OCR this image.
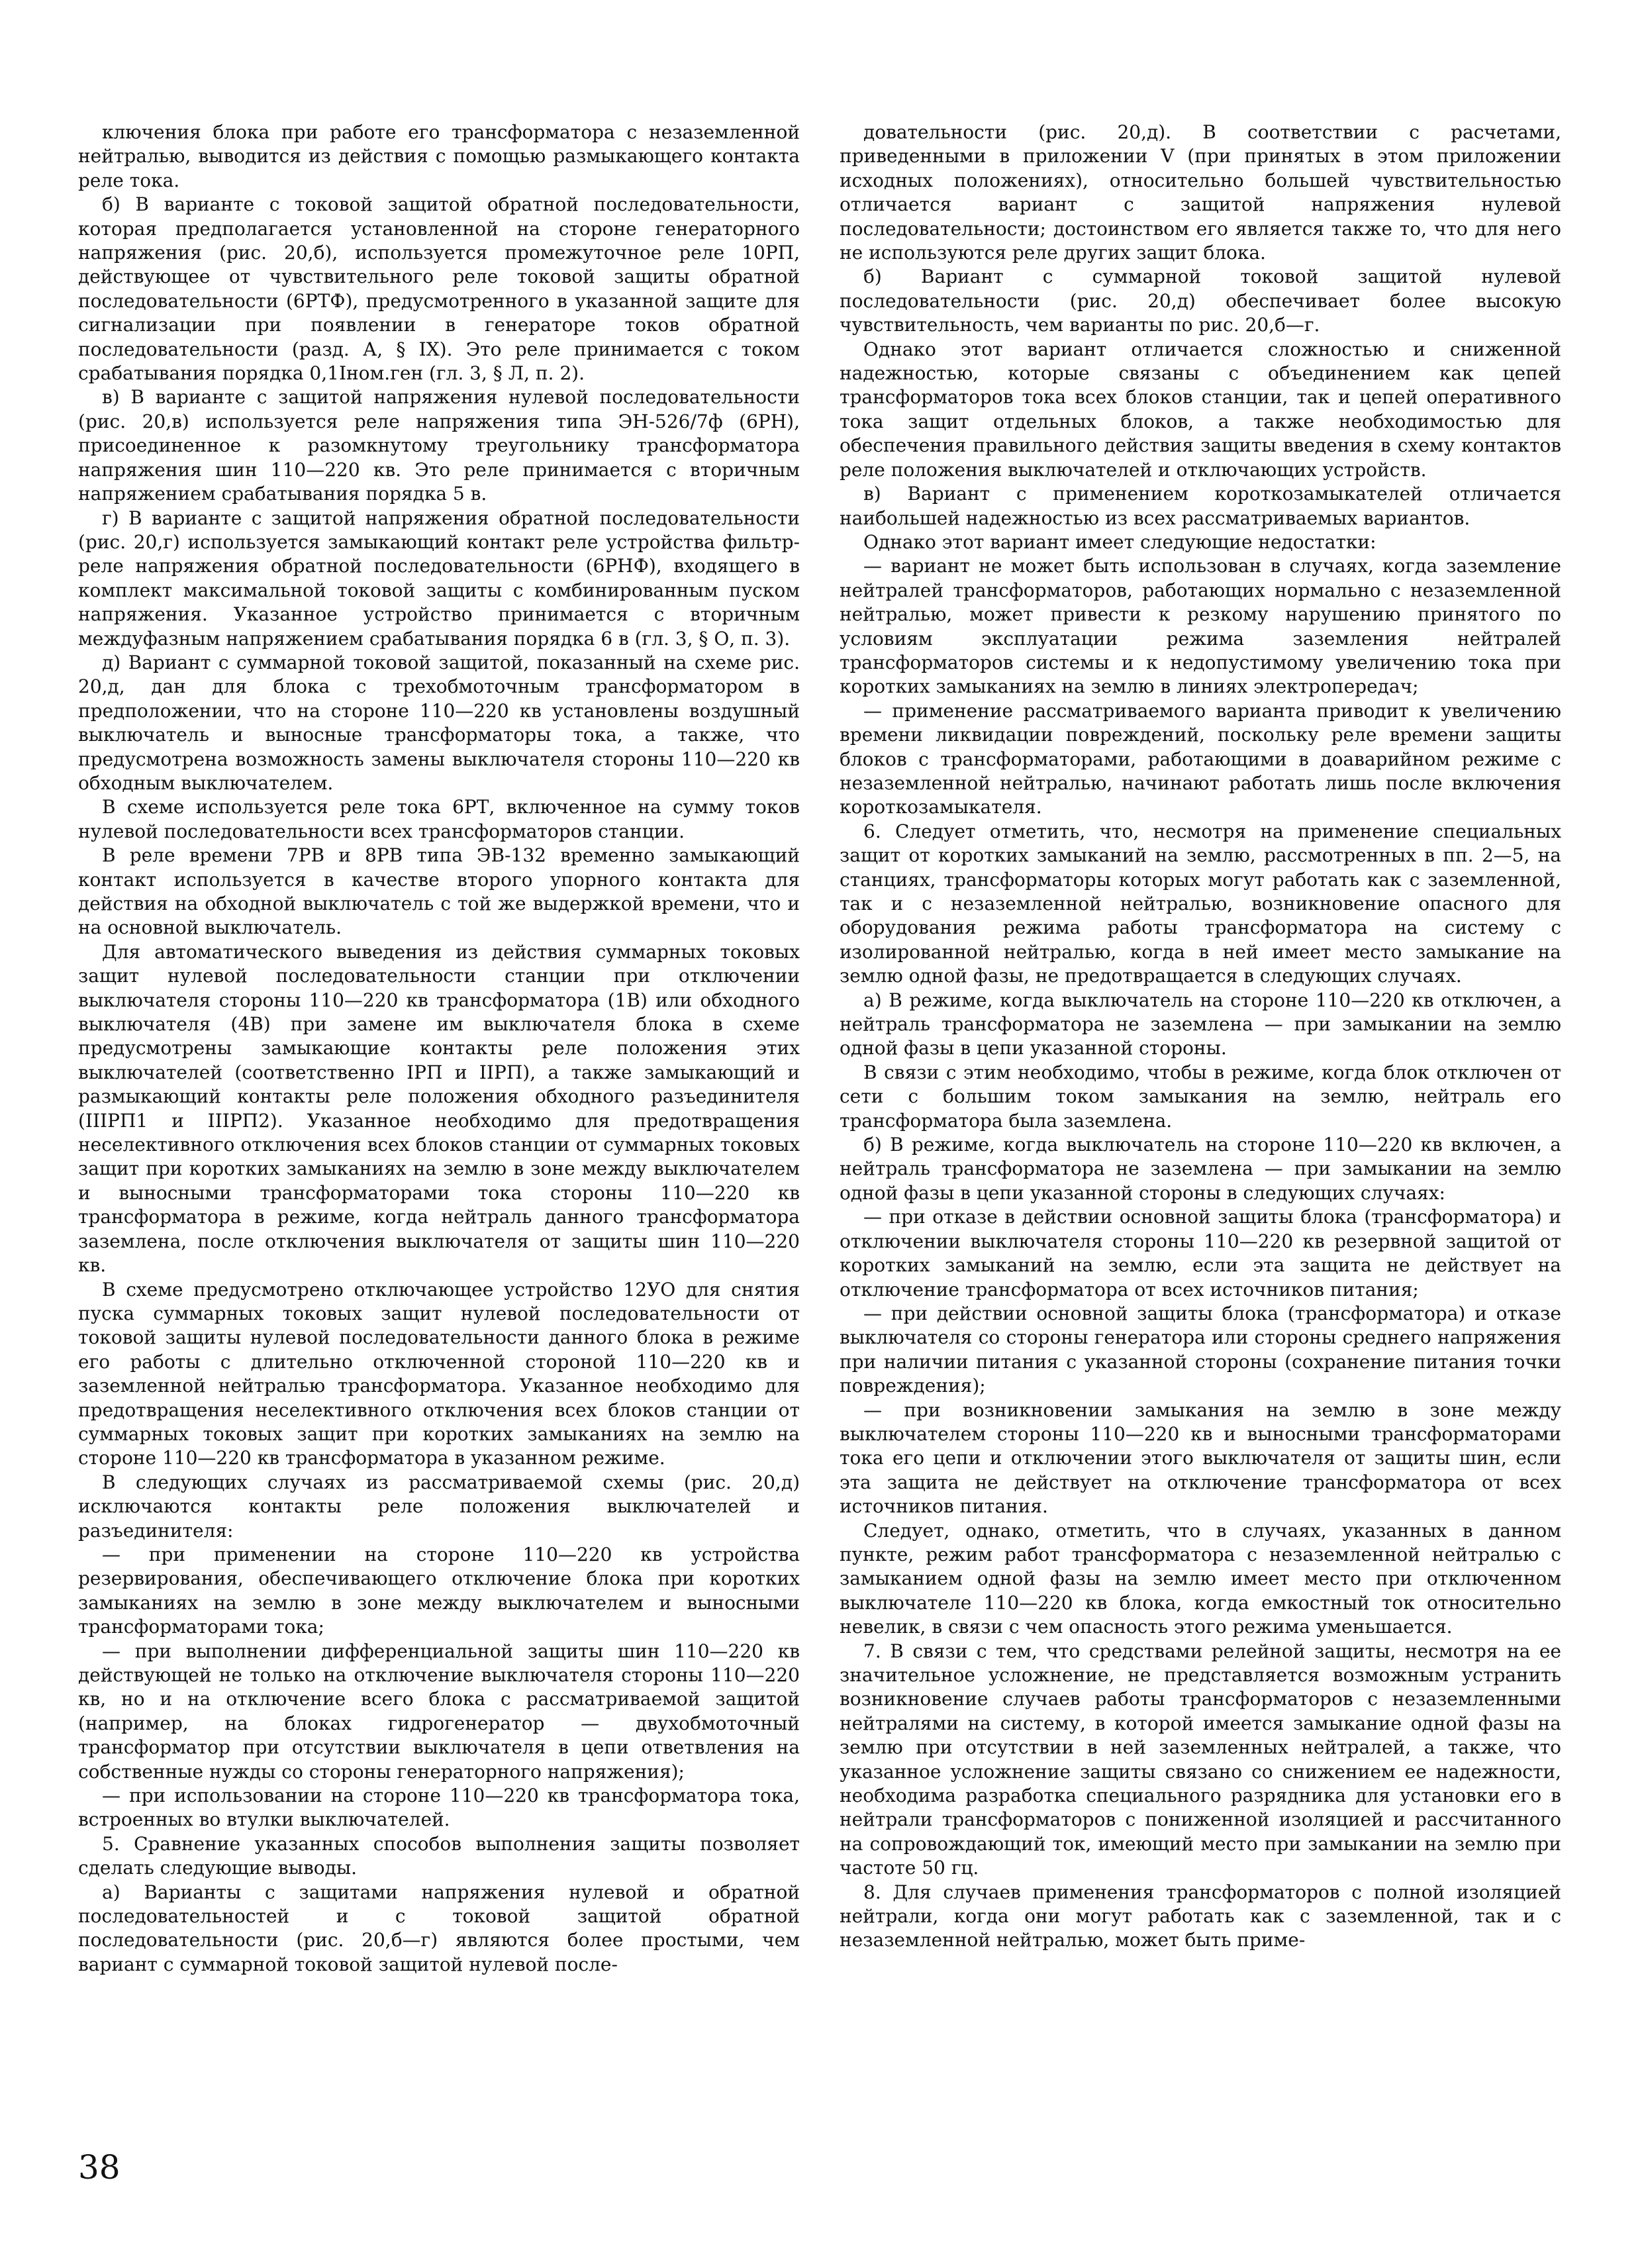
ключения блока при работе его трансформатора с незаземленной нейтралью, выводится из действия с помощью размыкающего контакта реле тока.

б) В варианте с токовой защитой обратной последовательности, которая предполагается установленной на стороне генераторного напряжения (рис. 20,б), используется промежуточное реле 10РП, действующее от чувствительного реле токовой защиты обратной последовательности (6РТФ), предусмотренного в указанной защите для сигнализации при появлении в генераторе токов обратной последовательности (разд. А, § IX). Это реле принимается с током срабатывания порядка 0,1Iном.ген (гл. 3, § Л, п. 2).

в) В варианте с защитой напряжения нулевой последовательности (рис. 20,в) используется реле напряжения типа ЭН-526/7ф (6РН), присоединенное к разомкнутому треугольнику трансформатора напряжения шин 110—220 кв. Это реле принимается с вторичным напряжением срабатывания порядка 5 в.

г) В варианте с защитой напряжения обратной последовательности (рис. 20,г) используется замыкающий контакт реле устройства фильтр-реле напряжения обратной последовательности (6РНФ), входящего в комплект максимальной токовой защиты с комбинированным пуском напряжения. Указанное устройство принимается с вторичным междуфазным напряжением срабатывания порядка 6 в (гл. 3, § О, п. 3).

д) Вариант с суммарной токовой защитой, показанный на схеме рис. 20,д, дан для блока с трехобмоточным трансформатором в предположении, что на стороне 110—220 кв установлены воздушный выключатель и выносные трансформаторы тока, а также, что предусмотрена возможность замены выключателя стороны 110—220 кв обходным выключателем.

В схеме используется реле тока 6РТ, включенное на сумму токов нулевой последовательности всех трансформаторов станции.

В реле времени 7РВ и 8РВ типа ЭВ-132 временно замыкающий контакт используется в качестве второго упорного контакта для действия на обходной выключатель с той же выдержкой времени, что и на основной выключатель.

Для автоматического выведения из действия суммарных токовых защит нулевой последовательности станции при отключении выключателя стороны 110—220 кв трансформатора (1В) или обходного выключателя (4В) при замене им выключателя блока в схеме предусмотрены замыкающие контакты реле положения этих выключателей (соответственно IРП и IIРП), а также замыкающий и размыкающий контакты реле положения обходного разъединителя (IIIРП1 и IIIРП2). Указанное необходимо для предотвращения неселективного отключения всех блоков станции от суммарных токовых защит при коротких замыканиях на землю в зоне между выключателем и выносными трансформаторами тока стороны 110—220 кв трансформатора в режиме, когда нейтраль данного трансформатора заземлена, после отключения выключателя от защиты шин 110—220 кв.

В схеме предусмотрено отключающее устройство 12УО для снятия пуска суммарных токовых защит нулевой последовательности от токовой защиты нулевой последовательности данного блока в режиме его работы с длительно отключенной стороной 110—220 кв и заземленной нейтралью трансформатора. Указанное необходимо для предотвращения неселективного отключения всех блоков станции от суммарных токовых защит при коротких замыканиях на землю на стороне 110—220 кв трансформатора в указанном режиме.

В следующих случаях из рассматриваемой схемы (рис. 20,д) исключаются контакты реле положения выключателей и разъединителя:

— при применении на стороне 110—220 кв устройства резервирования, обеспечивающего отключение блока при коротких замыканиях на землю в зоне между выключателем и выносными трансформаторами тока;

— при выполнении дифференциальной защиты шин 110—220 кв действующей не только на отключение выключателя стороны 110—220 кв, но и на отключение всего блока с рассматриваемой защитой (например, на блоках гидрогенератор — двухобмоточный трансформатор при отсутствии выключателя в цепи ответвления на собственные нужды со стороны генераторного напряжения);

— при использовании на стороне 110—220 кв трансформатора тока, встроенных во втулки выключателей.

5. Сравнение указанных способов выполнения защиты позволяет сделать следующие выводы.

а) Варианты с защитами напряжения нулевой и обратной последовательностей и с токовой защитой обратной последовательности (рис. 20,б—г) являются более простыми, чем вариант с суммарной токовой защитой нулевой после-

довательности (рис. 20,д). В соответствии с расчетами, приведенными в приложении V (при принятых в этом приложении исходных положениях), относительно большей чувствительностью отличается вариант с защитой напряжения нулевой последовательности; достоинством его является также то, что для него не используются реле других защит блока.

б) Вариант с суммарной токовой защитой нулевой последовательности (рис. 20,д) обеспечивает более высокую чувствительность, чем варианты по рис. 20,б—г.

Однако этот вариант отличается сложностью и сниженной надежностью, которые связаны с объединением как цепей трансформаторов тока всех блоков станции, так и цепей оперативного тока защит отдельных блоков, а также необходимостью для обеспечения правильного действия защиты введения в схему контактов реле положения выключателей и отключающих устройств.

в) Вариант с применением короткозамыкателей отличается наибольшей надежностью из всех рассматриваемых вариантов.

Однако этот вариант имеет следующие недостатки:

— вариант не может быть использован в случаях, когда заземление нейтралей трансформаторов, работающих нормально с незаземленной нейтралью, может привести к резкому нарушению принятого по условиям эксплуатации режима заземления нейтралей трансформаторов системы и к недопустимому увеличению тока при коротких замыканиях на землю в линиях электропередач;

— применение рассматриваемого варианта приводит к увеличению времени ликвидации повреждений, поскольку реле времени защиты блоков с трансформаторами, работающими в доаварийном режиме с незаземленной нейтралью, начинают работать лишь после включения короткозамыкателя.

6. Следует отметить, что, несмотря на применение специальных защит от коротких замыканий на землю, рассмотренных в пп. 2—5, на станциях, трансформаторы которых могут работать как с заземленной, так и с незаземленной нейтралью, возникновение опасного для оборудования режима работы трансформатора на систему с изолированной нейтралью, когда в ней имеет место замыкание на землю одной фазы, не предотвращается в следующих случаях.

а) В режиме, когда выключатель на стороне 110—220 кв отключен, а нейтраль трансформатора не заземлена — при замыкании на землю одной фазы в цепи указанной стороны.

В связи с этим необходимо, чтобы в режиме, когда блок отключен от сети с большим током замыкания на землю, нейтраль его трансформатора была заземлена.

б) В режиме, когда выключатель на стороне 110—220 кв включен, а нейтраль трансформатора не заземлена — при замыкании на землю одной фазы в цепи указанной стороны в следующих случаях:

— при отказе в действии основной защиты блока (трансформатора) и отключении выключателя стороны 110—220 кв резервной защитой от коротких замыканий на землю, если эта защита не действует на отключение трансформатора от всех источников питания;

— при действии основной защиты блока (трансформатора) и отказе выключателя со стороны генератора или стороны среднего напряжения при наличии питания с указанной стороны (сохранение питания точки повреждения);

— при возникновении замыкания на землю в зоне между выключателем стороны 110—220 кв и выносными трансформаторами тока его цепи и отключении этого выключателя от защиты шин, если эта защита не действует на отключение трансформатора от всех источников питания.

Следует, однако, отметить, что в случаях, указанных в данном пункте, режим работ трансформатора с незаземленной нейтралью с замыканием одной фазы на землю имеет место при отключенном выключателе 110—220 кв блока, когда емкостный ток относительно невелик, в связи с чем опасность этого режима уменьшается.

7. В связи с тем, что средствами релейной защиты, несмотря на ее значительное усложнение, не представляется возможным устранить возникновение случаев работы трансформаторов с незаземленными нейтралями на систему, в которой имеется замыкание одной фазы на землю при отсутствии в ней заземленных нейтралей, а также, что указанное усложнение защиты связано со снижением ее надежности, необходима разработка специального разрядника для установки его в нейтрали трансформаторов с пониженной изоляцией и рассчитанного на сопровождающий ток, имеющий место при замыкании на землю при частоте 50 гц.

8. Для случаев применения трансформаторов с полной изоляцией нейтрали, когда они могут работать как с заземленной, так и с незаземленной нейтралью, может быть приме-

38
